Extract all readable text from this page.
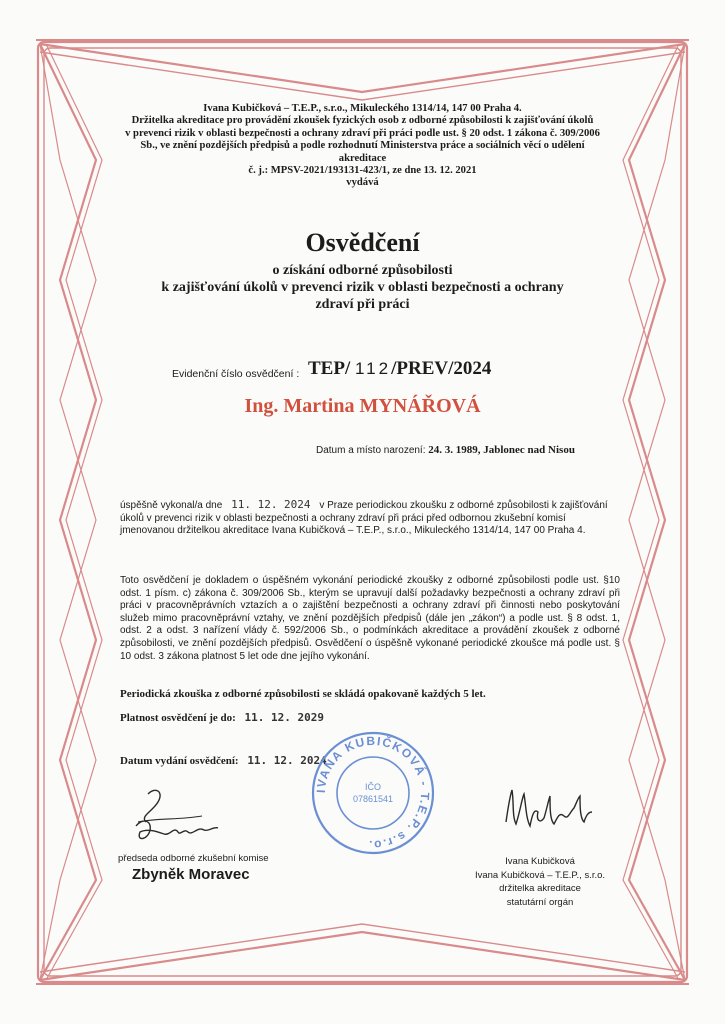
Ivana Kubičková – T.E.P., s.r.o., Mikuleckého 1314/14, 147 00 Praha 4.
Držitelka akreditace pro provádění zkoušek fyzických osob z odborné způsobilosti k zajišťování úkolů
v prevenci rizik v oblasti bezpečnosti a ochrany zdraví při práci podle ust. § 20 odst. 1 zákona č. 309/2006
Sb., ve znění pozdějších předpisů a podle rozhodnutí Ministerstva práce a sociálních věcí o udělení
akreditace
č. j.: MPSV-2021/193131-423/1, ze dne 13. 12. 2021
vydává
Osvědčení
o získání odborné způsobilosti
k zajišťování úkolů v prevenci rizik v oblasti bezpečnosti a ochrany
zdraví při práci
Evidenční číslo osvědčení : TEP/ 112/PREV/2024
Ing. Martina MYNÁŘOVÁ
Datum a místo narození: 24. 3. 1989, Jablonec nad Nisou
úspěšně vykonal/a dne 11. 12. 2024 v Praze periodickou zkoušku z odborné způsobilosti k zajišťování úkolů v prevenci rizik v oblasti bezpečnosti a ochrany zdraví při práci před odbornou zkušební komisí jmenovanou držitelkou akreditace Ivana Kubičková – T.E.P., s.r.o., Mikuleckého 1314/14, 147 00 Praha 4.
Toto osvědčení je dokladem o úspěšném vykonání periodické zkoušky z odborné způsobilosti podle ust. §10 odst. 1 písm. c) zákona č. 309/2006 Sb., kterým se upravují další požadavky bezpečnosti a ochrany zdraví při práci v pracovněprávních vztazích a o zajištění bezpečnosti a ochrany zdraví při činnosti nebo poskytování služeb mimo pracovněprávní vztahy, ve znění pozdějších předpisů (dále jen „zákon“) a podle ust. § 8 odst. 1, odst. 2 a odst. 3 nařízení vlády č. 592/2006 Sb., o podmínkách akreditace a provádění zkoušek z odborné způsobilosti, ve znění pozdějších předpisů. Osvědčení o úspěšně vykonané periodické zkoušce má podle ust. § 10 odst. 3 zákona platnost 5 let ode dne jejího vykonání.
Periodická zkouška z odborné způsobilosti se skládá opakovaně každých 5 let.
Platnost osvědčení je do: 11. 12. 2029
Datum vydání osvědčení: 11. 12. 2024
IVANA KUBIČKOVÁ - T.E.P. s.r.o.
IČO
07861541
předseda odborné zkušební komise
Zbyněk Moravec
Ivana Kubičková
Ivana Kubičková – T.E.P., s.r.o.
držitelka akreditace
statutární orgán
